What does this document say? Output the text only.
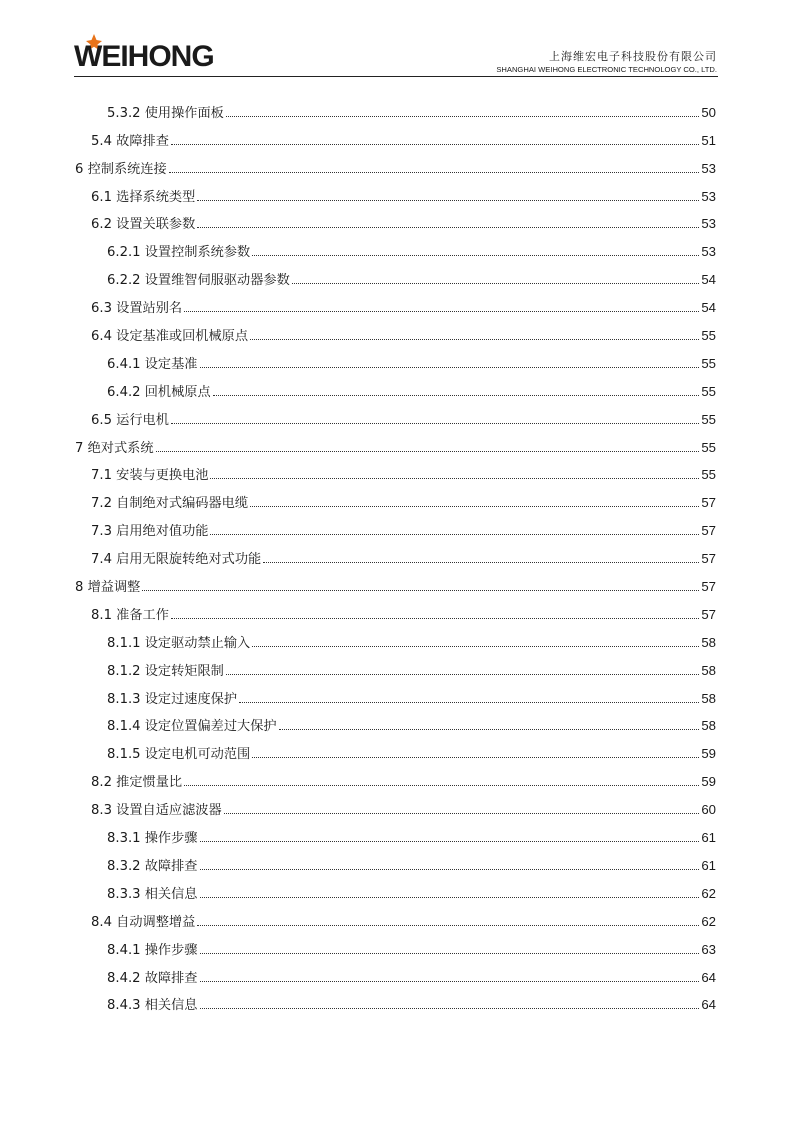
WEIHONG	上海维宏电子科技股份有限公司
SHANGHAI WEIHONG ELECTRONIC TECHNOLOGY CO., LTD.
5.3.2 使用操作面板	50
5.4 故障排查	51
6 控制系统连接	53
6.1 选择系统类型	53
6.2 设置关联参数	53
6.2.1 设置控制系统参数	53
6.2.2 设置维智伺服驱动器参数	54
6.3 设置站别名	54
6.4 设定基准或回机械原点	55
6.4.1 设定基准	55
6.4.2 回机械原点	55
6.5 运行电机	55
7 绝对式系统	55
7.1 安装与更换电池	55
7.2 自制绝对式编码器电缆	57
7.3 启用绝对值功能	57
7.4 启用无限旋转绝对式功能	57
8 增益调整	57
8.1 准备工作	57
8.1.1 设定驱动禁止输入	58
8.1.2 设定转矩限制	58
8.1.3 设定过速度保护	58
8.1.4 设定位置偏差过大保护	58
8.1.5 设定电机可动范围	59
8.2 推定惯量比	59
8.3 设置自适应滤波器	60
8.3.1 操作步骤	61
8.3.2 故障排查	61
8.3.3 相关信息	62
8.4 自动调整增益	62
8.4.1 操作步骤	63
8.4.2 故障排查	64
8.4.3 相关信息	64
